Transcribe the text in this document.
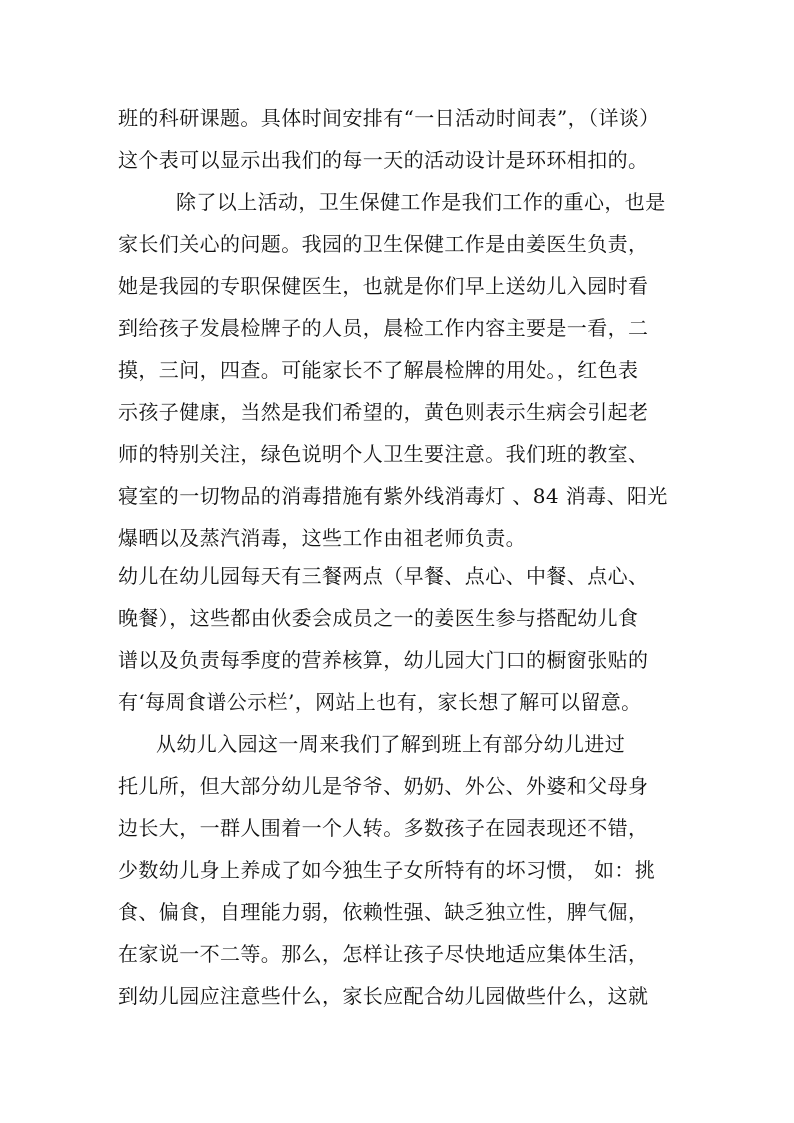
班的科研课题。具体时间安排有“一日活动时间表”，（详谈）
这个表可以显示出我们的每一天的活动设计是环环相扣的。
除了以上活动，卫生保健工作是我们工作的重心，也是
家长们关心的问题。我园的卫生保健工作是由姜医生负责，
她是我园的专职保健医生，也就是你们早上送幼儿入园时看
到给孩子发晨检牌子的人员，晨检工作内容主要是一看，二
摸，三问，四查。可能家长不了解晨检牌的用处。，红色表
示孩子健康，当然是我们希望的，黄色则表示生病会引起老
师的特别关注，绿色说明个人卫生要注意。我们班的教室、
寝室的一切物品的消毒措施有紫外线消毒灯 、84 消毒、阳光
爆晒以及蒸汽消毒，这些工作由祖老师负责。
幼儿在幼儿园每天有三餐两点（早餐、点心、中餐、点心、
晚餐），这些都由伙委会成员之一的姜医生参与搭配幼儿食
谱以及负责每季度的营养核算，幼儿园大门口的橱窗张贴的
有‘每周食谱公示栏’，网站上也有，家长想了解可以留意。
从幼儿入园这一周来我们了解到班上有部分幼儿进过
托儿所，但大部分幼儿是爷爷、奶奶、外公、外婆和父母身
边长大，一群人围着一个人转。多数孩子在园表现还不错，
少数幼儿身上养成了如今独生子女所特有的坏习惯， 如：挑
食、偏食，自理能力弱，依赖性强、缺乏独立性，脾气倔，
在家说一不二等。那么，怎样让孩子尽快地适应集体生活，
到幼儿园应注意些什么，家长应配合幼儿园做些什么，这就
